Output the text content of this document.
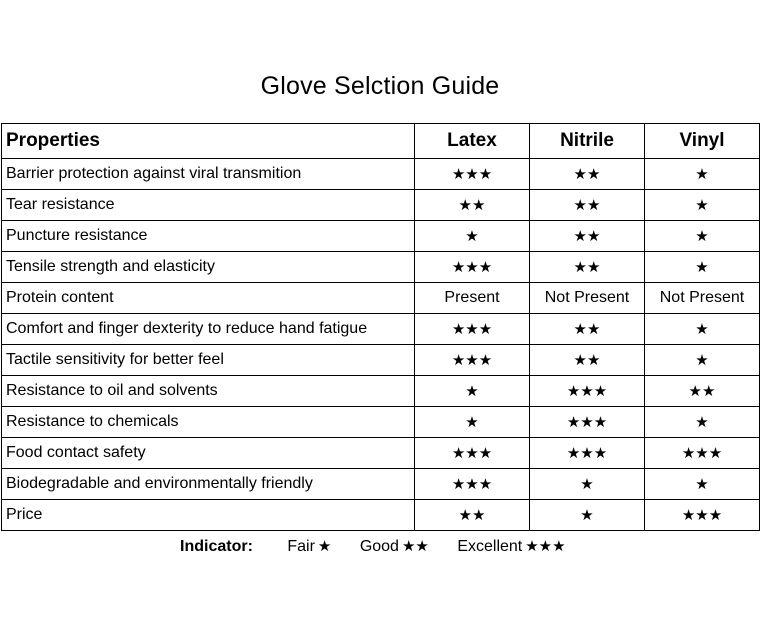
Glove Selction Guide
Properties	Latex	Nitrile	Vinyl
Barrier protection against viral transmition	★★★	★★	★
Tear resistance	★★	★★	★
Puncture resistance	★	★★	★
Tensile strength and elasticity	★★★	★★	★
Protein content	Present	Not Present	Not Present
Comfort and finger dexterity to reduce hand fatigue	★★★	★★	★
Tactile sensitivity for better feel	★★★	★★	★
Resistance to oil and solvents	★	★★★	★★
Resistance to chemicals	★	★★★	★
Food contact safety	★★★	★★★	★★★
Biodegradable and environmentally friendly	★★★	★	★
Price	★★	★	★★★
Indicator: Fair ★ Good ★★ Excellent ★★★
